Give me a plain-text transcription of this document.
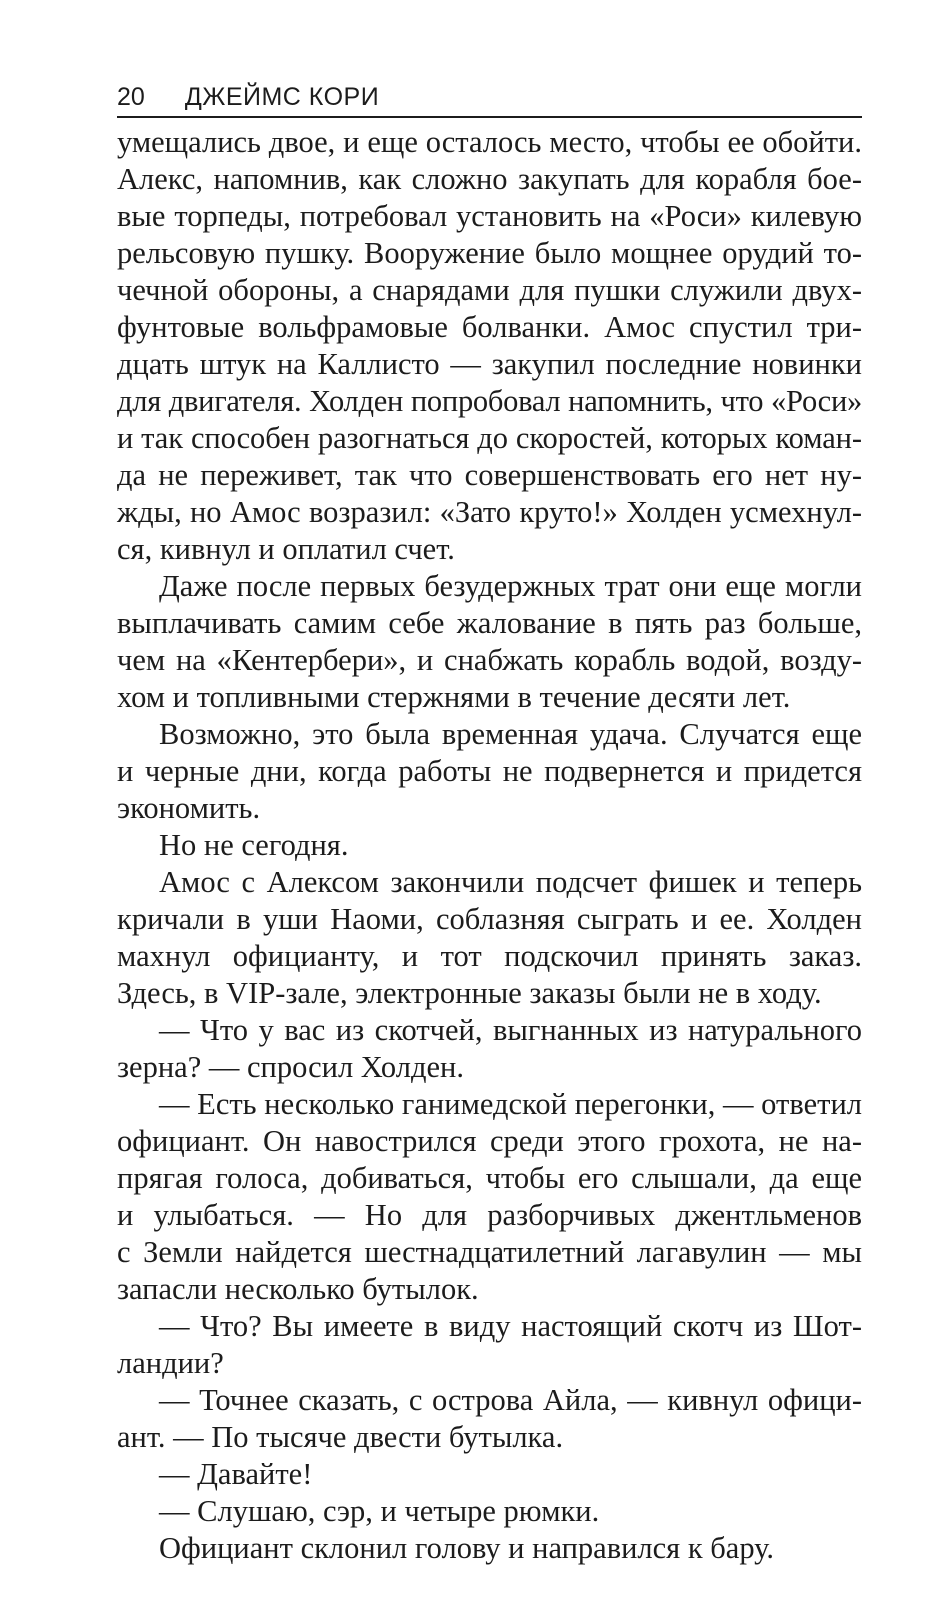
20 ДЖЕЙМС КОРИ
умещались двое, и еще осталось место, чтобы ее обойти.
Алекс, напомнив, как сложно закупать для корабля бое-
вые торпеды, потребовал установить на «Роси» килевую
рельсовую пушку. Вооружение было мощнее орудий то-
чечной обороны, а снарядами для пушки служили двух-
фунтовые вольфрамовые болванки. Амос спустил три-
дцать штук на Каллисто — закупил последние новинки
для двигателя. Холден попробовал напомнить, что «Роси»
и так способен разогнаться до скоростей, которых коман-
да не переживет, так что совершенствовать его нет ну-
жды, но Амос возразил: «Зато круто!» Холден усмехнул-
ся, кивнул и оплатил счет.
Даже после первых безудержных трат они еще могли
выплачивать самим себе жалование в пять раз больше,
чем на «Кентербери», и снабжать корабль водой, возду-
хом и топливными стержнями в течение десяти лет.
Возможно, это была временная удача. Случатся еще
и черные дни, когда работы не подвернется и придется
экономить.
Но не сегодня.
Амос с Алексом закончили подсчет фишек и теперь
кричали в уши Наоми, соблазняя сыграть и ее. Холден
махнул официанту, и тот подскочил принять заказ.
Здесь, в VIP-зале, электронные заказы были не в ходу.
— Что у вас из скотчей, выгнанных из натурального
зерна? — спросил Холден.
— Есть несколько ганимедской перегонки, — ответил
официант. Он навострился среди этого грохота, не на-
прягая голоса, добиваться, чтобы его слышали, да еще
и улыбаться. — Но для разборчивых джентльменов
с Земли найдется шестнадцатилетний лагавулин — мы
запасли несколько бутылок.
— Что? Вы имеете в виду настоящий скотч из Шот-
ландии?
— Точнее сказать, с острова Айла, — кивнул офици-
ант. — По тысяче двести бутылка.
— Давайте!
— Слушаю, сэр, и четыре рюмки.
Официант склонил голову и направился к бару.
